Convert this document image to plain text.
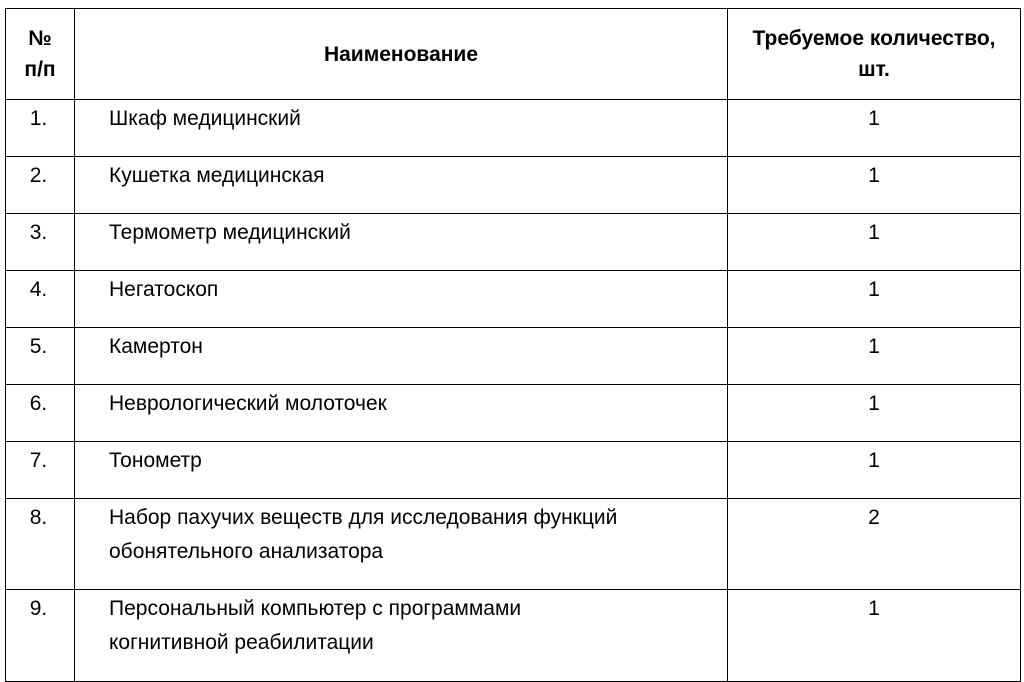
№
п/п	Наименование	Требуемое количество,
шт.

1.	Шкаф медицинский	1
2.	Кушетка медицинская	1
3.	Термометр медицинский	1
4.	Негатоскоп	1
5.	Камертон	1
6.	Неврологический молоточек	1
7.	Тонометр	1
8.	Набор пахучих веществ для исследования функций
обонятельного анализатора	2
9.	Персональный компьютер с программами
когнитивной реабилитации	1
